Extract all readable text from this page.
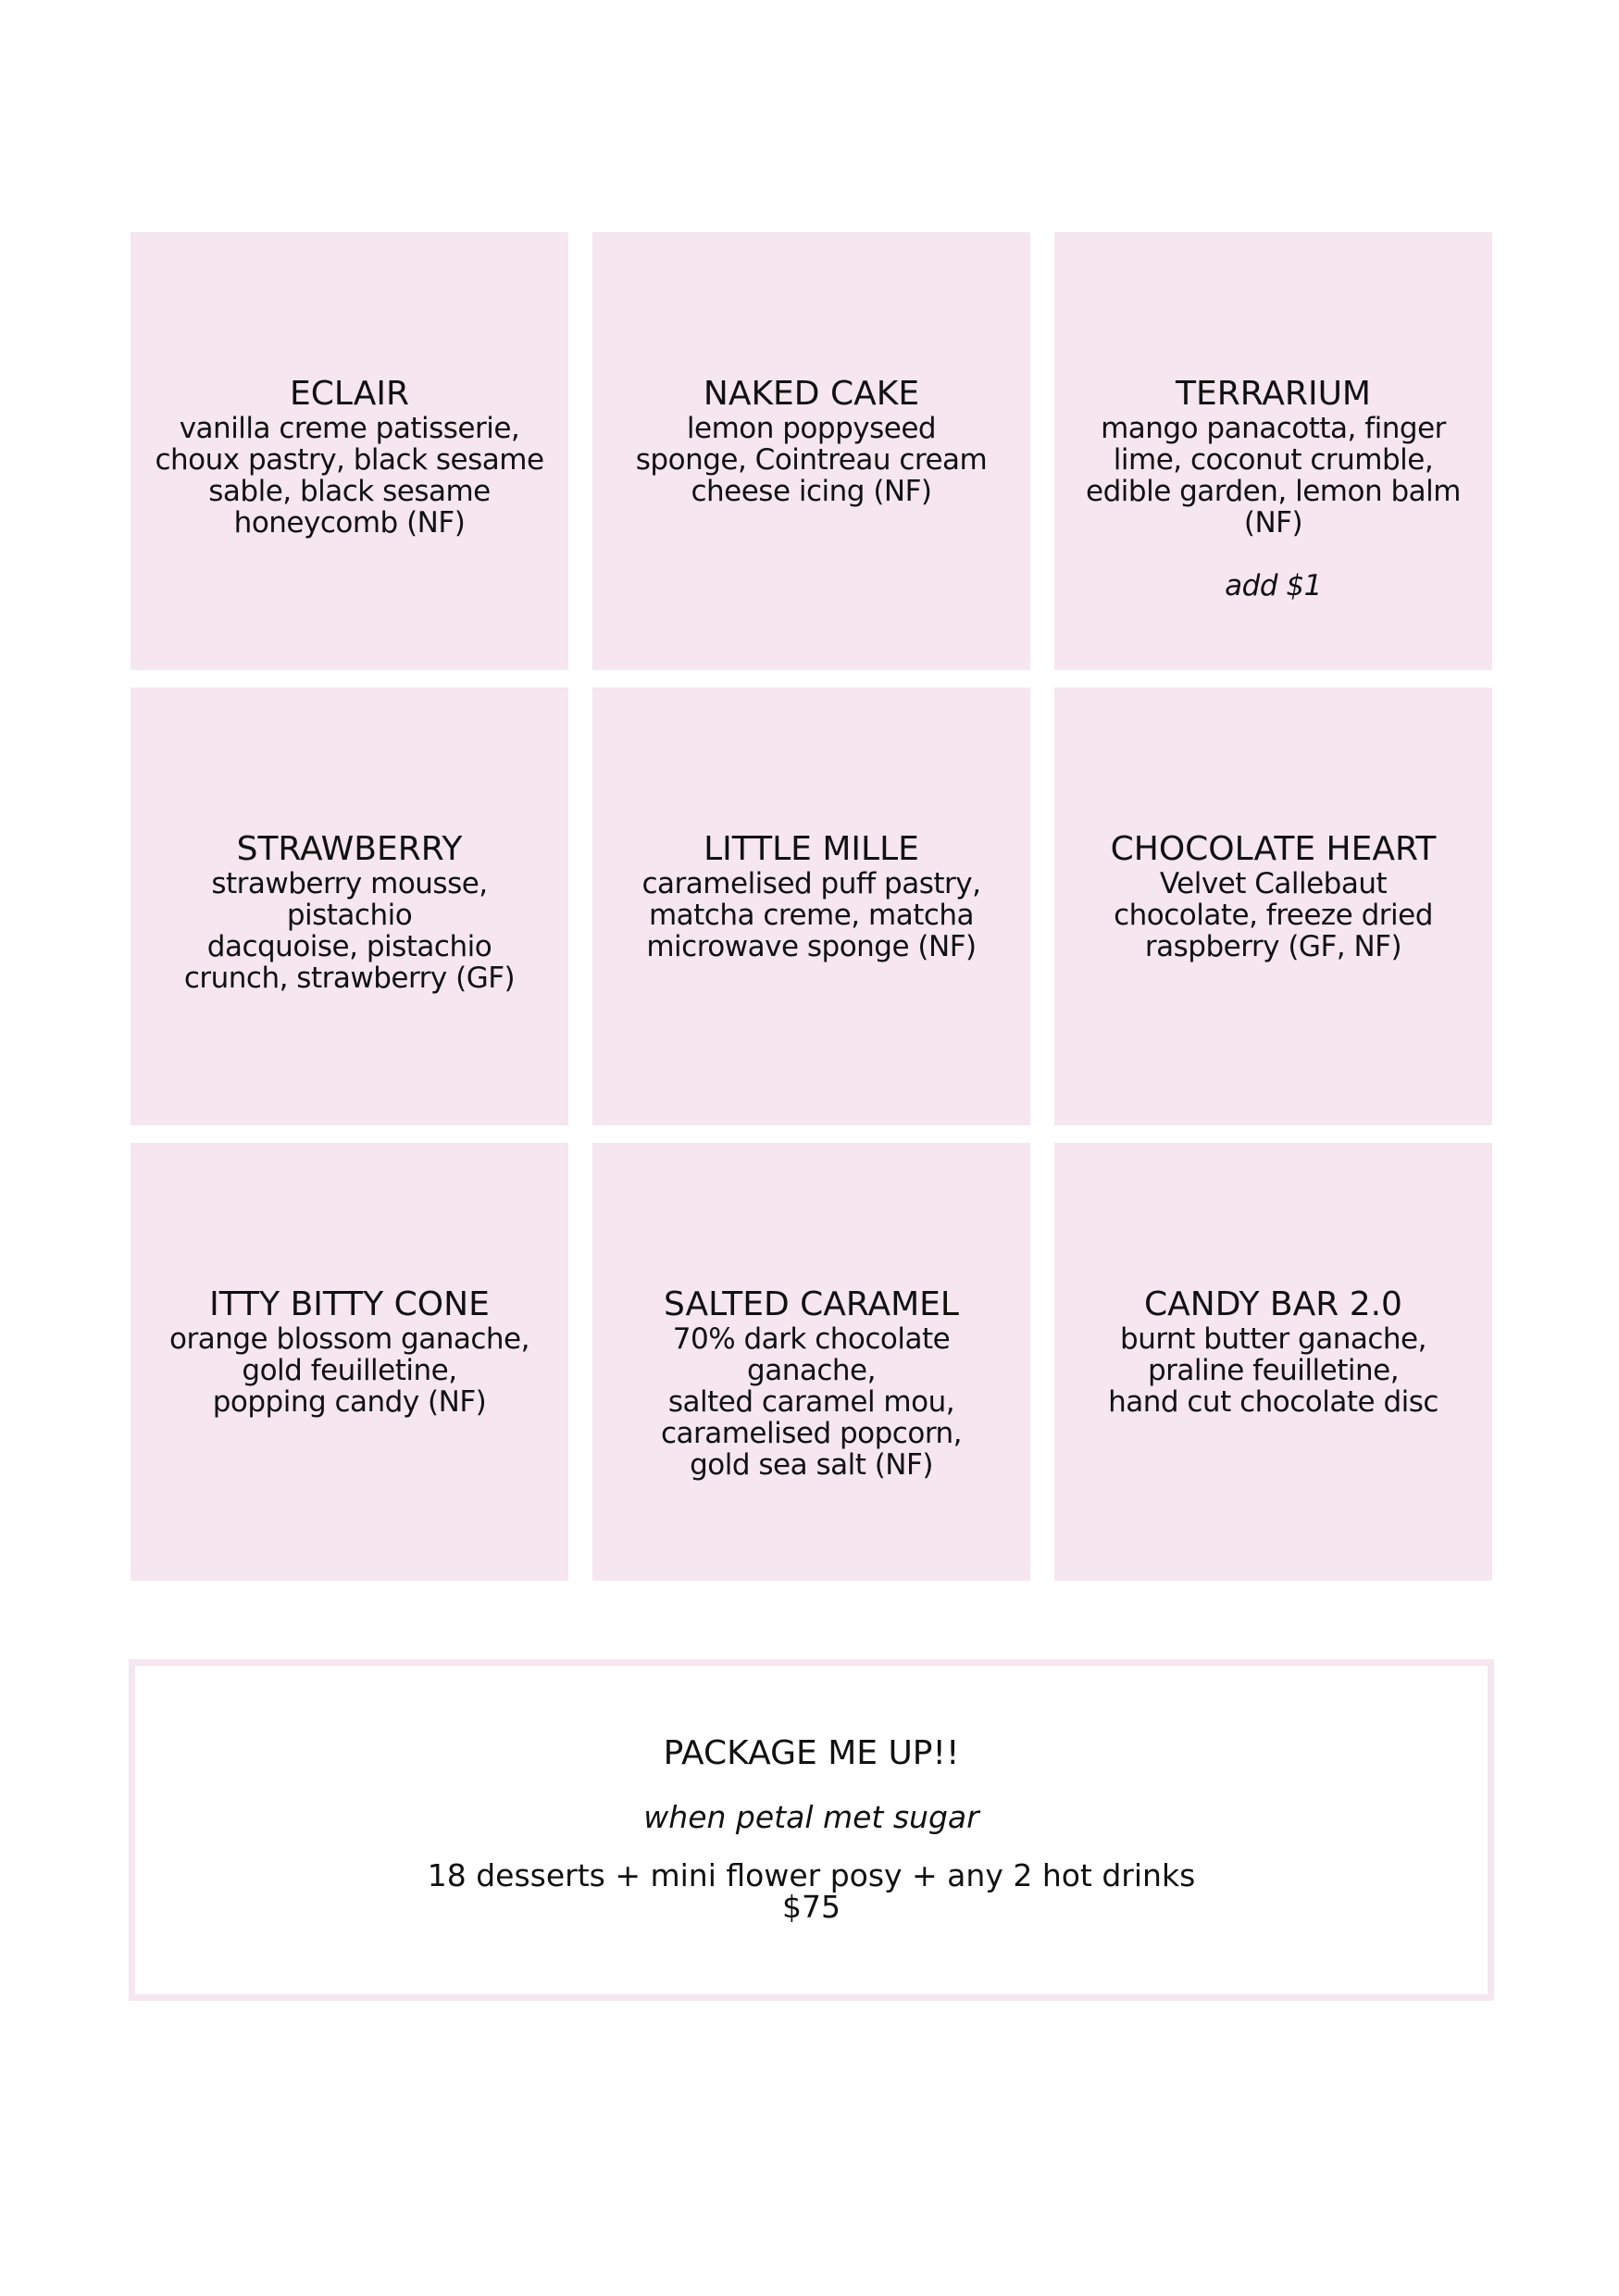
ECLAIR
vanilla creme patisserie,
choux pastry, black sesame
sable, black sesame
honeycomb (NF)
NAKED CAKE
lemon poppyseed
sponge, Cointreau cream
cheese icing (NF)
TERRARIUM
mango panacotta, finger
lime, coconut crumble,
edible garden, lemon balm
(NF)
add $1
STRAWBERRY
strawberry mousse, pistachio
dacquoise, pistachio
crunch, strawberry (GF)
LITTLE MILLE
caramelised puff pastry,
matcha creme, matcha
microwave sponge (NF)
CHOCOLATE HEART
Velvet Callebaut
chocolate, freeze dried
raspberry (GF, NF)
ITTY BITTY CONE
orange blossom ganache,
gold feuilletine,
popping candy (NF)
SALTED CARAMEL
70% dark chocolate
ganache,
salted caramel mou,
caramelised popcorn,
gold sea salt (NF)
CANDY BAR 2.0
burnt butter ganache,
praline feuilletine,
hand cut chocolate disc
PACKAGE ME UP!!
when petal met sugar
18 desserts + mini flower posy + any 2 hot drinks
$75
